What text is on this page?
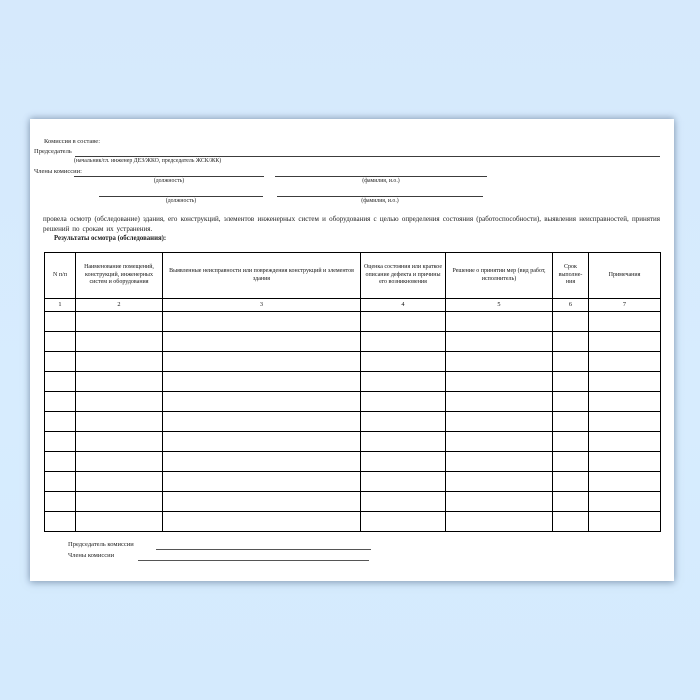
Комиссия в составе:
Председатель
(начальник/гл. инженер ДЕЗ/ЖКО, председатель ЖСК/ЖК)
Члены комиссии:
(должность)	(фамилия, и.о.)
(должность)	(фамилия, и.о.)
провела осмотр (обследование) здания, его конструкций, элементов инженерных систем и оборудования с целью определения состояния (работоспособности), выявления неисправностей, принятия решений по срокам их устранения.
Результаты осмотра (обследования):
N п/п	Наименование помещений, конструкций, инженерных систем и оборудования	Выявленные неисправности или повреждения конструкций и элементов здания	Оценка состояния или краткое описание дефекта и причины его возникновения	Решение о принятии мер (вид работ, исполнитель)	Срок выполне- ния	Примечания
1	2	3	4	5	6	7

Председатель комиссии
Члены комиссии
